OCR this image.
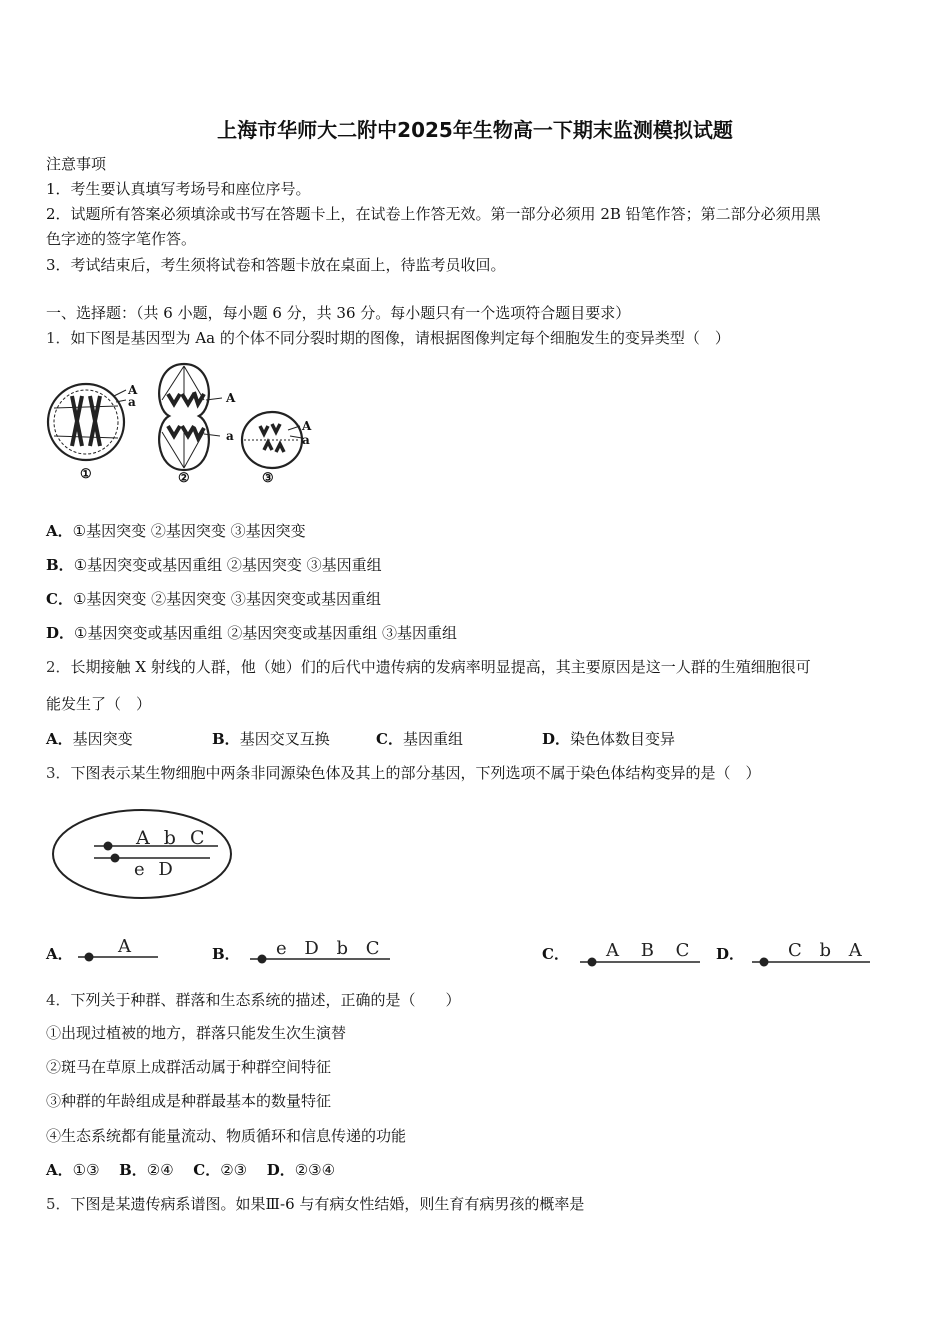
上海市华师大二附中2025年生物高一下期末监测模拟试题
注意事项
1．考生要认真填写考场号和座位序号。
2．试题所有答案必须填涂或书写在答题卡上，在试卷上作答无效。第一部分必须用 2B 铅笔作答；第二部分必须用黑
色字迹的签字笔作答。
3．考试结束后，考生须将试卷和答题卡放在桌面上，待监考员收回。
一、选择题：（共 6 小题，每小题 6 分，共 36 分。每小题只有一个选项符合题目要求）
1．如下图是基因型为 Aa 的个体不同分裂时期的图像，请根据图像判定每个细胞发生的变异类型（　）
A
a	A
a
A
a
①	②	③
A．①基因突变 ②基因突变 ③基因突变
B．①基因突变或基因重组 ②基因突变 ③基因重组
C．①基因突变 ②基因突变 ③基因突变或基因重组
D．①基因突变或基因重组 ②基因突变或基因重组 ③基因重组
2．长期接触 X 射线的人群，他（她）们的后代中遗传病的发病率明显提高，其主要原因是这一人群的生殖细胞很可
能发生了（　）
A．基因突变	B．基因交叉互换	C．基因重组	D．染色体数目变异
3．下图表示某生物细胞中两条非同源染色体及其上的部分基因，下列选项不属于染色体结构变异的是（　）
A b C
e D
A．	A	B． e D b C	C． A B C D． C b A
4．下列关于种群、群落和生态系统的描述，正确的是（　　）
①出现过植被的地方，群落只能发生次生演替
②斑马在草原上成群活动属于种群空间特征
③种群的年龄组成是种群最基本的数量特征
④生态系统都有能量流动、物质循环和信息传递的功能
A．①③ B．②④ C．②③ D．②③④
5．下图是某遗传病系谱图。如果Ⅲ-6 与有病女性结婚，则生育有病男孩的概率是
